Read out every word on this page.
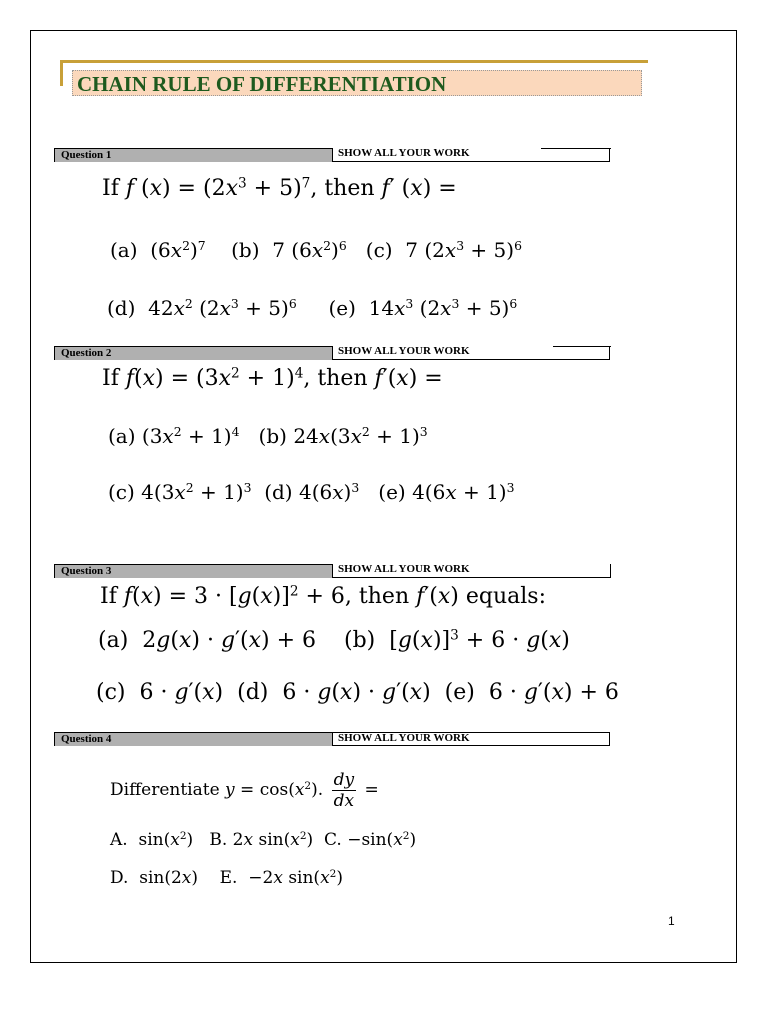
CHAIN RULE OF DIFFERENTIATION
Question 1	SHOW ALL YOUR WORK
If f $(x) = (2x^3 + 5)^7$, then f′ (x) =
(a)  $(6x^2)^7$    (b)  7 $(6x^2)^6$   (c)  7 $(2x^3 + 5)^6$
(d)  $42x^2$ $(2x^3 + 5)^6$     (e)  $14x^3$ $(2x^3 + 5)^6$
Question 2	SHOW ALL YOUR WORK
If $f(x) = (3x^2 + 1)^4$, then f′(x) =
(a) $(3x^2 + 1)^4$   (b) $24x(3x^2 + 1)^3$
(c) $4(3x^2 + 1)^3$  (d) $4(6x)^3$   (e) $4(6x + 1)^3$
Question 3	SHOW ALL YOUR WORK
If $f(x) = 3 \cdot [g(x)]^2 + 6$, then f′(x) equals:
(a)  2g(x) · g′(x) + 6    (b)  $[g(x)]^3 + 6 \cdot g(x)$
(c)  6 · g′(x)  (d)  6 · g(x) · g′(x)  (e)  6 · g′(x) + 6
Question 4	SHOW ALL YOUR WORK
Differentiate $y = \cos(x^2)$. $\frac{dy}{dx}$ =
A.  $\sin(x^2)$   B. 2x $\sin(x^2)$  C. $-\sin(x^2)$
D.  sin(2x)    E.  −2x $\sin(x^2)$
1
